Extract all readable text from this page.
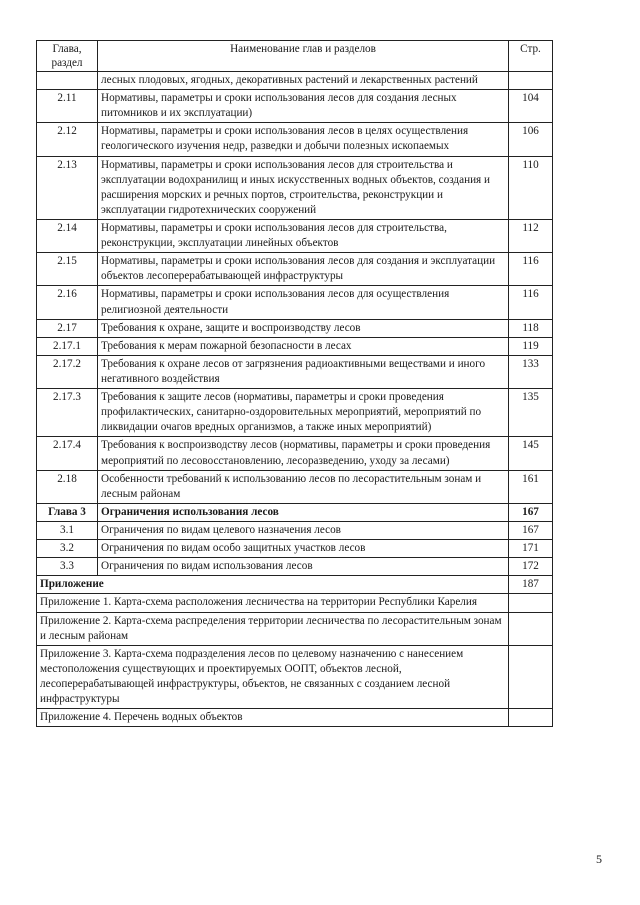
Глава, раздел	Наименование глав и разделов	Стр.
	лесных плодовых, ягодных, декоративных растений и лекарственных растений	
2.11	Нормативы, параметры и сроки использования лесов для создания лесных питомников и их эксплуатации)	104
2.12	Нормативы, параметры и сроки использования лесов в целях осуществления геологического изучения недр, разведки и добычи полезных ископаемых	106
2.13	Нормативы, параметры и сроки использования лесов для строительства и эксплуатации водохранилищ и иных искусственных водных объектов, создания и расширения морских и речных портов, строительства, реконструкции и эксплуатации гидротехнических сооружений	110
2.14	Нормативы, параметры и сроки использования лесов для строительства, реконструкции, эксплуатации линейных объектов	112
2.15	Нормативы, параметры и сроки использования лесов для создания и эксплуатации объектов лесоперерабатывающей инфраструктуры	116
2.16	Нормативы, параметры и сроки использования лесов для осуществления религиозной деятельности	116
2.17	Требования к охране, защите и воспроизводству лесов	118
2.17.1	Требования к мерам пожарной безопасности в лесах	119
2.17.2	Требования к охране лесов от загрязнения радиоактивными веществами и иного негативного воздействия	133
2.17.3	Требования к защите лесов (нормативы, параметры и сроки проведения профилактических, санитарно-оздоровительных мероприятий, мероприятий по ликвидации очагов вредных организмов, а также иных мероприятий)	135
2.17.4	Требования к воспроизводству лесов (нормативы, параметры и сроки проведения мероприятий по лесовосстановлению, лесоразведению, уходу за лесами)	145
2.18	Особенности требований к использованию лесов по лесорастительным зонам и лесным районам	161
Глава 3	Ограничения использования лесов	167
3.1	Ограничения по видам целевого назначения лесов	167
3.2	Ограничения по видам особо защитных участков лесов	171
3.3	Ограничения по видам использования лесов	172
Приложение		187
Приложение 1. Карта-схема расположения лесничества на территории Республики Карелия		
Приложение 2. Карта-схема распределения территории лесничества по лесорастительным зонам и лесным районам		
Приложение 3. Карта-схема подразделения лесов по целевому назначению с нанесением местоположения существующих и проектируемых ООПТ, объектов лесной, лесоперерабатывающей инфраструктуры, объектов, не связанных с созданием лесной инфраструктуры		
Приложение 4. Перечень водных объектов		
5
